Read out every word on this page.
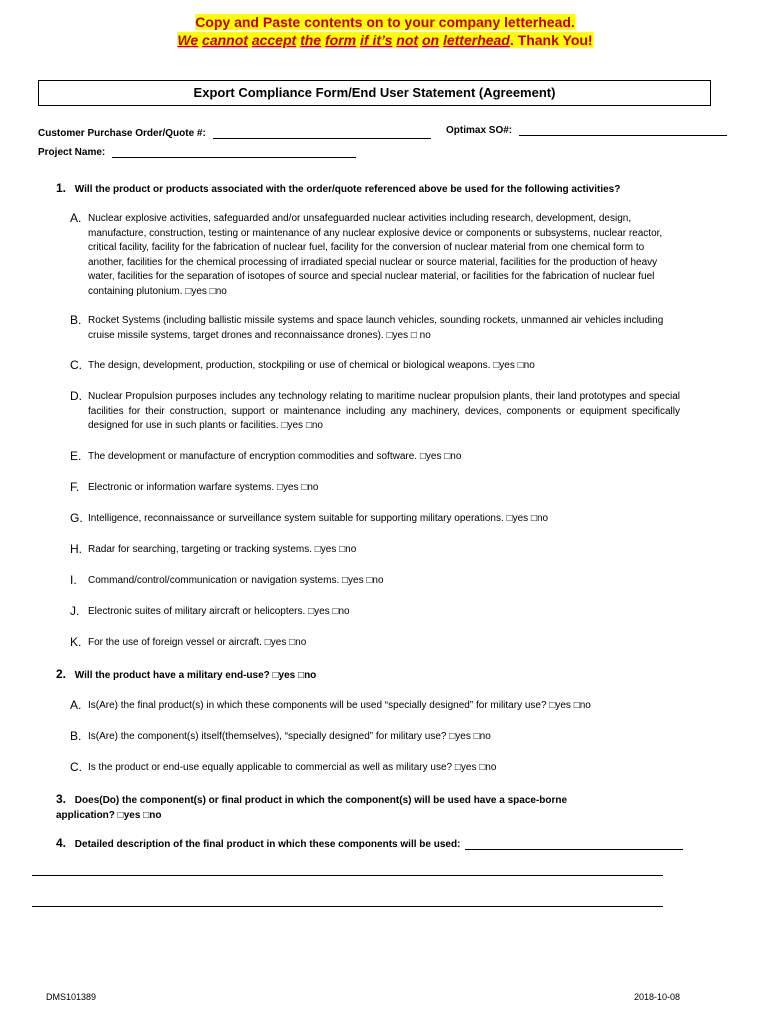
Copy and Paste contents on to your company letterhead.
We cannot accept the form if it’s not on letterhead. Thank You!
Export Compliance Form/End User Statement (Agreement)
Customer Purchase Order/Quote #:	Optimax SO#:
Project Name:
1. Will the product or products associated with the order/quote referenced above be used for the following activities?
A. Nuclear explosive activities, safeguarded and/or unsafeguarded nuclear activities including research, development, design, manufacture, construction, testing or maintenance of any nuclear explosive device or components or subsystems, nuclear reactor, critical facility, facility for the fabrication of nuclear fuel, facility for the conversion of nuclear material from one chemical form to another, facilities for the chemical processing of irradiated special nuclear or source material, facilities for the production of heavy water, facilities for the separation of isotopes of source and special nuclear material, or facilities for the fabrication of nuclear fuel containing plutonium. □yes □no
B. Rocket Systems (including ballistic missile systems and space launch vehicles, sounding rockets, unmanned air vehicles including cruise missile systems, target drones and reconnaissance drones). □yes □ no
C. The design, development, production, stockpiling or use of chemical or biological weapons. □yes □no
D. Nuclear Propulsion purposes includes any technology relating to maritime nuclear propulsion plants, their land prototypes and special facilities for their construction, support or maintenance including any machinery, devices, components or equipment specifically designed for use in such plants or facilities. □yes □no
E. The development or manufacture of encryption commodities and software. □yes □no
F. Electronic or information warfare systems. □yes □no
G. Intelligence, reconnaissance or surveillance system suitable for supporting military operations. □yes □no
H. Radar for searching, targeting or tracking systems. □yes □no
I. Command/control/communication or navigation systems. □yes □no
J. Electronic suites of military aircraft or helicopters. □yes □no
K. For the use of foreign vessel or aircraft. □yes □no
2. Will the product have a military end-use? □yes □no
A. Is(Are) the final product(s) in which these components will be used “specially designed” for military use? □yes □no
B. Is(Are) the component(s) itself(themselves), “specially designed” for military use? □yes □no
C. Is the product or end-use equally applicable to commercial as well as military use? □yes □no
3. Does(Do) the component(s) or final product in which the component(s) will be used have a space-borne application? □yes □no
4. Detailed description of the final product in which these components will be used:
DMS101389	2018-10-08
